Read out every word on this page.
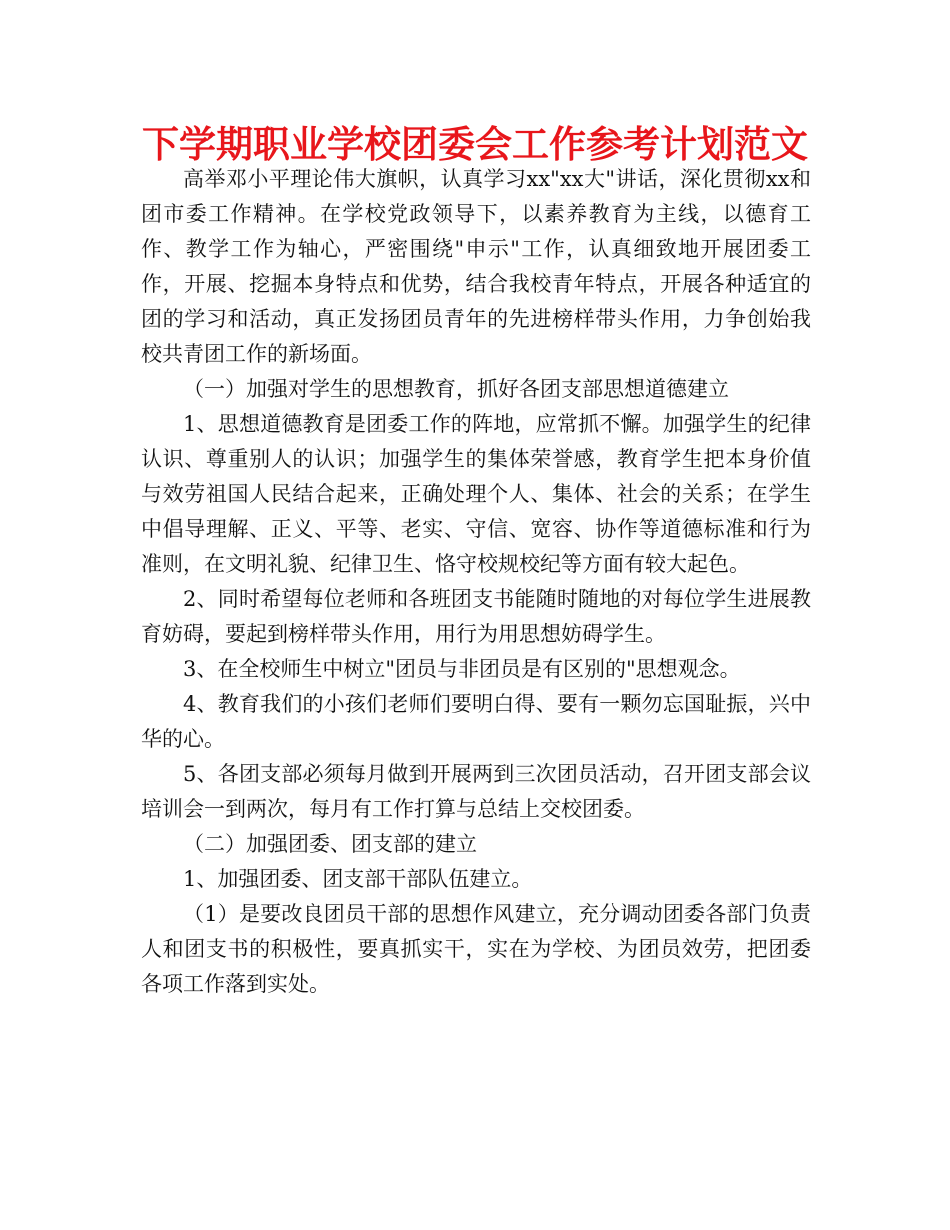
下学期职业学校团委会工作参考计划范文

高举邓小平理论伟大旗帜，认真学习xx"xx大"讲话，深化贯彻xx和团市委工作精神。在学校党政领导下，以素养教育为主线，以德育工作、教学工作为轴心，严密围绕"申示"工作，认真细致地开展团委工作，开展、挖掘本身特点和优势，结合我校青年特点，开展各种适宜的团的学习和活动，真正发扬团员青年的先进榜样带头作用，力争创始我校共青团工作的新场面。

（一）加强对学生的思想教育，抓好各团支部思想道德建立

1、思想道德教育是团委工作的阵地，应常抓不懈。加强学生的纪律认识、尊重别人的认识；加强学生的集体荣誉感，教育学生把本身价值与效劳祖国人民结合起来，正确处理个人、集体、社会的关系；在学生中倡导理解、正义、平等、老实、守信、宽容、协作等道德标准和行为准则，在文明礼貌、纪律卫生、恪守校规校纪等方面有较大起色。

2、同时希望每位老师和各班团支书能随时随地的对每位学生进展教育妨碍，要起到榜样带头作用，用行为用思想妨碍学生。

3、在全校师生中树立"团员与非团员是有区别的"思想观念。

4、教育我们的小孩们老师们要明白得、要有一颗勿忘国耻振，兴中华的心。

5、各团支部必须每月做到开展两到三次团员活动，召开团支部会议培训会一到两次，每月有工作打算与总结上交校团委。

（二）加强团委、团支部的建立

1、加强团委、团支部干部队伍建立。

（1）是要改良团员干部的思想作风建立，充分调动团委各部门负责人和团支书的积极性，要真抓实干，实在为学校、为团员效劳，把团委各项工作落到实处。
